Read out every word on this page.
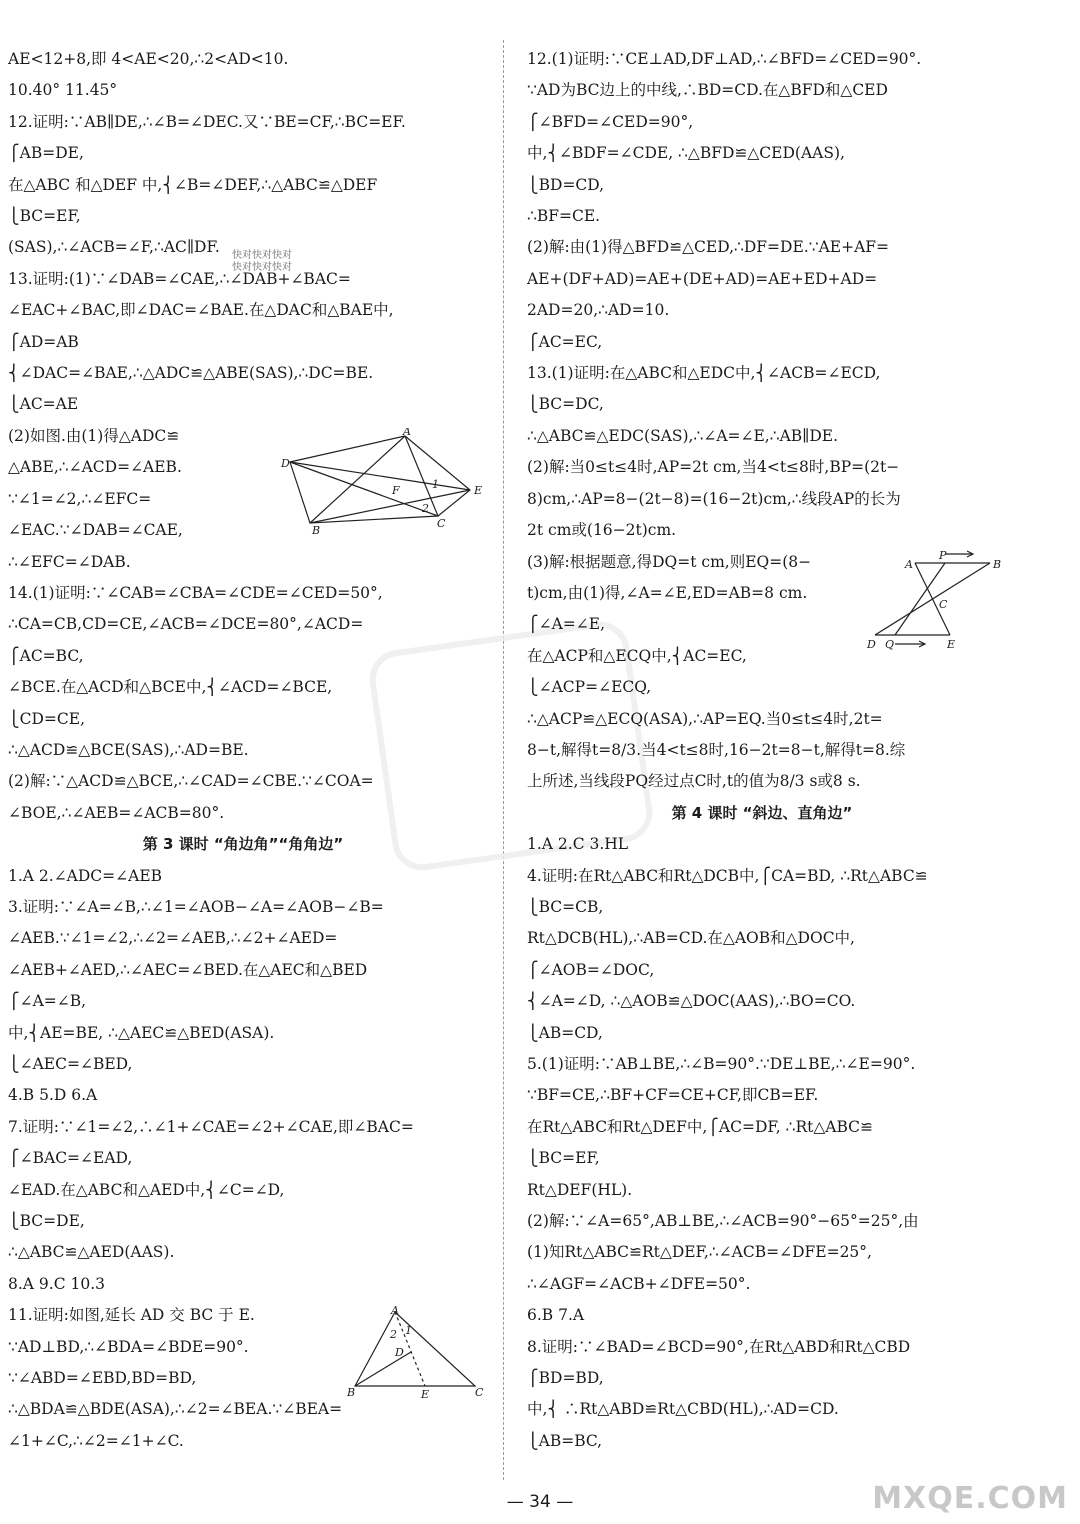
AE<12+8,即 4<AE<20,∴2<AD<10.
10.40° 11.45°
12.证明:∵AB∥DE,∴∠B=∠DEC.又∵BE=CF,∴BC=EF.
⎧AB=DE,
在△ABC 和△DEF 中,⎨∠B=∠DEF,∴△ABC≌△DEF
⎩BC=EF,
(SAS),∴∠ACB=∠F,∴AC∥DF.
13.证明:(1)∵∠DAB=∠CAE,∴∠DAB+∠BAC=
∠EAC+∠BAC,即∠DAC=∠BAE.在△DAC和△BAE中,
⎧AD=AB
⎨∠DAC=∠BAE,∴△ADC≌△ABE(SAS),∴DC=BE.
⎩AC=AE
(2)如图.由(1)得△ADC≌
△ABE,∴∠ACD=∠AEB.
∵∠1=∠2,∴∠EFC=
∠EAC.∵∠DAB=∠CAE,
∴∠EFC=∠DAB.
14.(1)证明:∵∠CAB=∠CBA=∠CDE=∠CED=50°,
∴CA=CB,CD=CE,∠ACB=∠DCE=80°,∠ACD=
⎧AC=BC,
∠BCE.在△ACD和△BCE中,⎨∠ACD=∠BCE,
⎩CD=CE,
∴△ACD≌△BCE(SAS),∴AD=BE.
(2)解:∵△ACD≌△BCE,∴∠CAD=∠CBE.∵∠COA=
∠BOE,∴∠AEB=∠ACB=80°.
第 3 课时 “角边角”“角角边”
1.A 2.∠ADC=∠AEB
3.证明:∵∠A=∠B,∴∠1=∠AOB−∠A=∠AOB−∠B=
∠AEB.∵∠1=∠2,∴∠2=∠AEB,∴∠2+∠AED=
∠AEB+∠AED,∴∠AEC=∠BED.在△AEC和△BED
⎧∠A=∠B,
中,⎨AE=BE, ∴△AEC≌△BED(ASA).
⎩∠AEC=∠BED,
4.B 5.D 6.A
7.证明:∵∠1=∠2,∴∠1+∠CAE=∠2+∠CAE,即∠BAC=
⎧∠BAC=∠EAD,
∠EAD.在△ABC和△AED中,⎨∠C=∠D,
⎩BC=DE,
∴△ABC≌△AED(AAS).
8.A 9.C 10.3
11.证明:如图,延长 AD 交 BC 于 E.
∵AD⊥BD,∴∠BDA=∠BDE=90°.
∵∠ABD=∠EBD,BD=BD,
∴△BDA≌△BDE(ASA),∴∠2=∠BEA.∵∠BEA=
∠1+∠C,∴∠2=∠1+∠C.
12.(1)证明:∵CE⊥AD,DF⊥AD,∴∠BFD=∠CED=90°.
∵AD为BC边上的中线,∴BD=CD.在△BFD和△CED
⎧∠BFD=∠CED=90°,
中,⎨∠BDF=∠CDE, ∴△BFD≌△CED(AAS),
⎩BD=CD,
∴BF=CE.
(2)解:由(1)得△BFD≌△CED,∴DF=DE.∵AE+AF=
AE+(DF+AD)=AE+(DE+AD)=AE+ED+AD=
2AD=20,∴AD=10.
⎧AC=EC,
13.(1)证明:在△ABC和△EDC中,⎨∠ACB=∠ECD,
⎩BC=DC,
∴△ABC≌△EDC(SAS),∴∠A=∠E,∴AB∥DE.
(2)解:当0≤t≤4时,AP=2t cm,当4<t≤8时,BP=(2t−
8)cm,∴AP=8−(2t−8)=(16−2t)cm,∴线段AP的长为
2t cm或(16−2t)cm.
(3)解:根据题意,得DQ=t cm,则EQ=(8−
t)cm,由(1)得,∠A=∠E,ED=AB=8 cm.
⎧∠A=∠E,
在△ACP和△ECQ中,⎨AC=EC,
⎩∠ACP=∠ECQ,
∴△ACP≌△ECQ(ASA),∴AP=EQ.当0≤t≤4时,2t=
8−t,解得t=8/3.当4<t≤8时,16−2t=8−t,解得t=8.综
上所述,当线段PQ经过点C时,t的值为8/3 s或8 s.
第 4 课时 “斜边、直角边”
1.A 2.C 3.HL
4.证明:在Rt△ABC和Rt△DCB中,⎧CA=BD, ∴Rt△ABC≌
⎩BC=CB,
Rt△DCB(HL),∴AB=CD.在△AOB和△DOC中,
⎧∠AOB=∠DOC,
⎨∠A=∠D, ∴△AOB≌△DOC(AAS),∴BO=CO.
⎩AB=CD,
5.(1)证明:∵AB⊥BE,∴∠B=90°.∵DE⊥BE,∴∠E=90°.
∵BF=CE,∴BF+CF=CE+CF,即CB=EF.
在Rt△ABC和Rt△DEF中,⎧AC=DF, ∴Rt△ABC≌
⎩BC=EF,
Rt△DEF(HL).
(2)解:∵∠A=65°,AB⊥BE,∴∠ACB=90°−65°=25°,由
(1)知Rt△ABC≌Rt△DEF,∴∠ACB=∠DFE=25°,
∴∠AGF=∠ACB+∠DFE=50°.
6.B 7.A
8.证明:∵∠BAD=∠BCD=90°,在Rt△ABD和Rt△CBD
⎧BD=BD,
中,⎨ ∴Rt△ABD≌Rt△CBD(HL),∴AD=CD.
⎩AB=BC,
A
D
E
F	1
2
B
C
A
2 1
D
B	E	C
A
P
B
C
D Q	E
快对快对快对
快对快对快对
— 34 —	MXQE.COM
